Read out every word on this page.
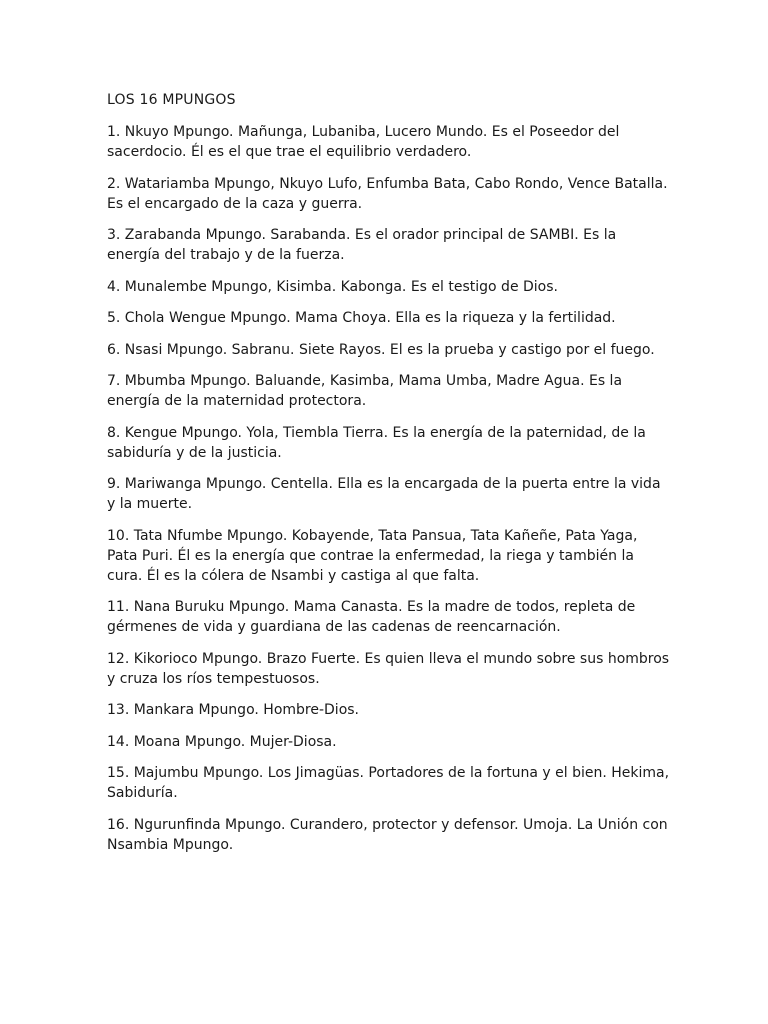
LOS 16 MPUNGOS

1. Nkuyo Mpungo. Mañunga, Lubaniba, Lucero Mundo. Es el Poseedor del
sacerdocio. Él es el que trae el equilibrio verdadero.

2. Watariamba Mpungo, Nkuyo Lufo, Enfumba Bata, Cabo Rondo, Vence Batalla.
Es el encargado de la caza y guerra.

3. Zarabanda Mpungo. Sarabanda. Es el orador principal de SAMBI. Es la
energía del trabajo y de la fuerza.

4. Munalembe Mpungo, Kisimba. Kabonga. Es el testigo de Dios.

5. Chola Wengue Mpungo. Mama Choya. Ella es la riqueza y la fertilidad.

6. Nsasi Mpungo. Sabranu. Siete Rayos. El es la prueba y castigo por el fuego.

7. Mbumba Mpungo. Baluande, Kasimba, Mama Umba, Madre Agua. Es la
energía de la maternidad protectora.

8. Kengue Mpungo. Yola, Tiembla Tierra. Es la energía de la paternidad, de la
sabiduría y de la justicia.

9. Mariwanga Mpungo. Centella. Ella es la encargada de la puerta entre la vida
y la muerte.

10. Tata Nfumbe Mpungo. Kobayende, Tata Pansua, Tata Kañeñe, Pata Yaga,
Pata Puri. Él es la energía que contrae la enfermedad, la riega y también la
cura. Él es la cólera de Nsambi y castiga al que falta.

11. Nana Buruku Mpungo. Mama Canasta. Es la madre de todos, repleta de
gérmenes de vida y guardiana de las cadenas de reencarnación.

12. Kikorioco Mpungo. Brazo Fuerte. Es quien lleva el mundo sobre sus hombros
y cruza los ríos tempestuosos.

13. Mankara Mpungo. Hombre-Dios.

14. Moana Mpungo. Mujer-Diosa.

15. Majumbu Mpungo. Los Jimagüas. Portadores de la fortuna y el bien. Hekima,
Sabiduría.

16. Ngurunfinda Mpungo. Curandero, protector y defensor. Umoja. La Unión con
Nsambia Mpungo.
